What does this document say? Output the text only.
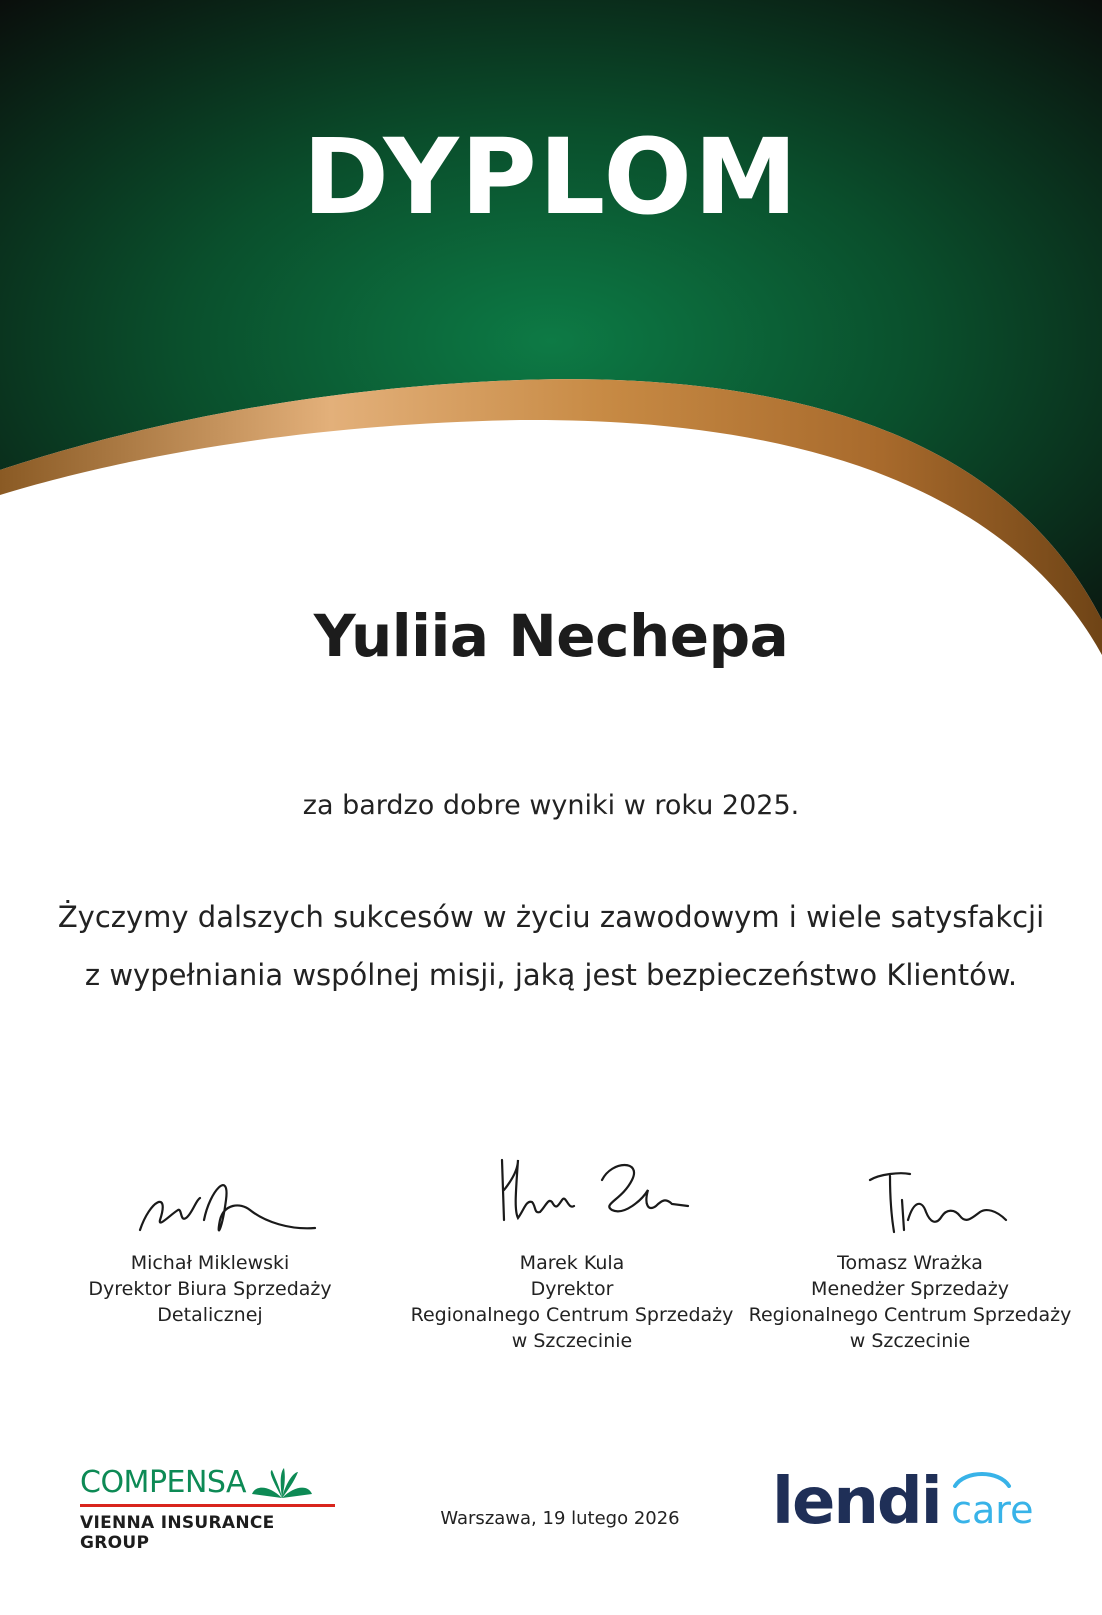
DYPLOM
Yuliia Nechepa
za bardzo dobre wyniki w roku 2025.
Życzymy dalszych sukcesów w życiu zawodowym i wiele satysfakcji
z wypełniania wspólnej misji, jaką jest bezpieczeństwo Klientów.
Michał Miklewski
Dyrektor Biura Sprzedaży Detalicznej
Marek Kula
Dyrektor
Regionalnego Centrum Sprzedaży
w Szczecinie
Tomasz Wrażka
Menedżer Sprzedaży
Regionalnego Centrum Sprzedaży
w Szczecinie
COMPENSA
VIENNA INSURANCE GROUP
Warszawa, 19 lutego 2026	lendi care
